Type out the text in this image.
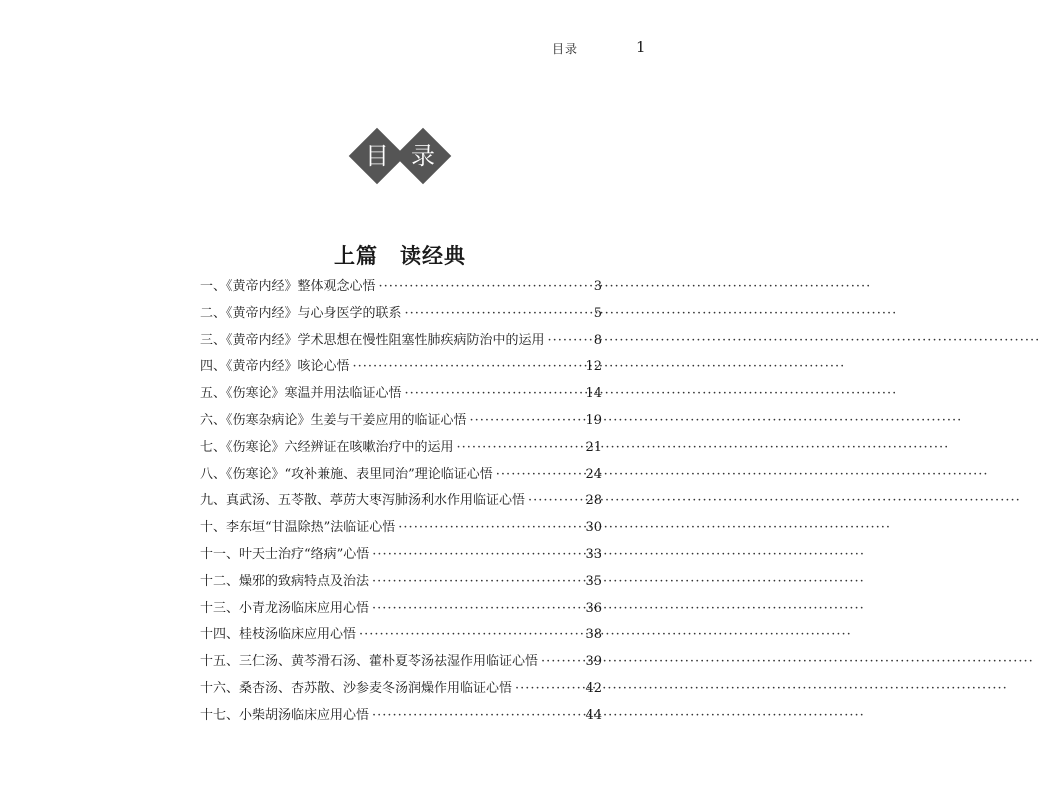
目录	1
目 录
上篇　读经典
一、《黄帝内经》整体观念心悟 ·····	3
二、《黄帝内经》与心身医学的联系 ·····	5
三、《黄帝内经》学术思想在慢性阻塞性肺疾病防治中的运用 ·····	8
四、《黄帝内经》咳论心悟 ·····	12
五、《伤寒论》寒温并用法临证心悟 ·····	14
六、《伤寒杂病论》生姜与干姜应用的临证心悟 ·····	19
七、《伤寒论》六经辨证在咳嗽治疗中的运用 ·····	21
八、《伤寒论》“攻补兼施、表里同治”理论临证心悟 ·····	24
九、真武汤、五苓散、葶苈大枣泻肺汤利水作用临证心悟 ·····	28
十、李东垣“甘温除热”法临证心悟 ·····	30
十一、叶天士治疗“络病”心悟 ·····	33
十二、燥邪的致病特点及治法 ·····	35
十三、小青龙汤临床应用心悟 ·····	36
十四、桂枝汤临床应用心悟 ·····	38
十五、三仁汤、黄芩滑石汤、藿朴夏苓汤祛湿作用临证心悟 ·····	39
十六、桑杏汤、杏苏散、沙参麦冬汤润燥作用临证心悟 ·····	42
十七、小柴胡汤临床应用心悟 ·····	44
